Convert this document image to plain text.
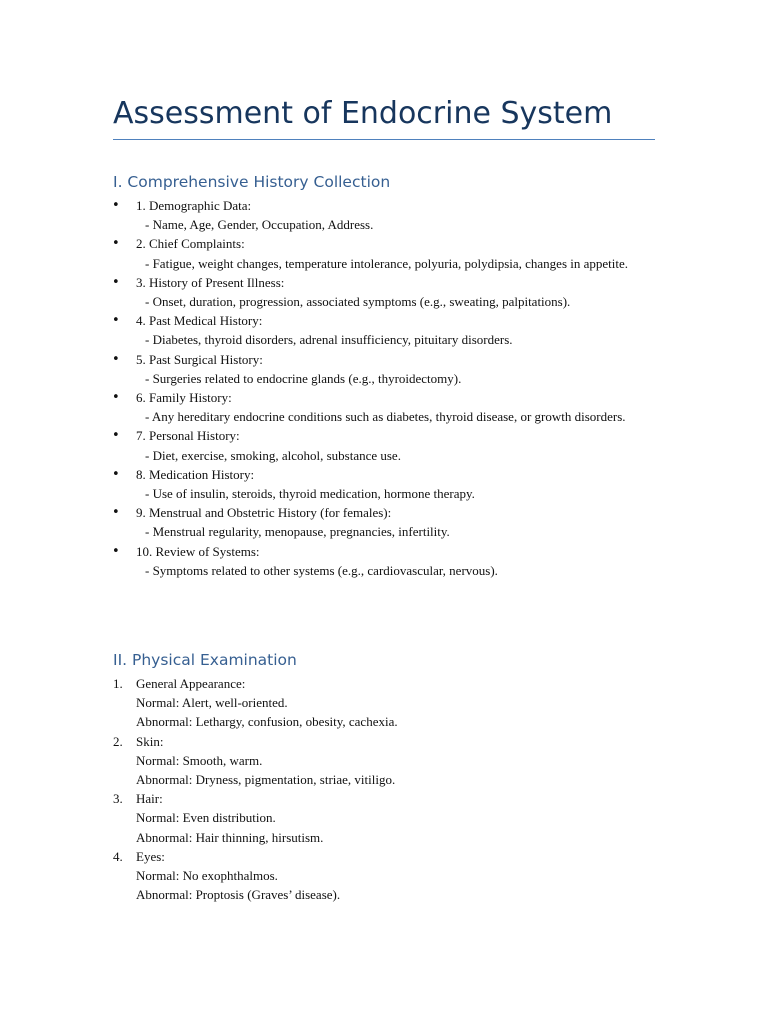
Assessment of Endocrine System
I. Comprehensive History Collection
• 1. Demographic Data:
- Name, Age, Gender, Occupation, Address.
• 2. Chief Complaints:
- Fatigue, weight changes, temperature intolerance, polyuria, polydipsia, changes in appetite.
• 3. History of Present Illness:
- Onset, duration, progression, associated symptoms (e.g., sweating, palpitations).
• 4. Past Medical History:
- Diabetes, thyroid disorders, adrenal insufficiency, pituitary disorders.
• 5. Past Surgical History:
- Surgeries related to endocrine glands (e.g., thyroidectomy).
• 6. Family History:
- Any hereditary endocrine conditions such as diabetes, thyroid disease, or growth disorders.
• 7. Personal History:
- Diet, exercise, smoking, alcohol, substance use.
• 8. Medication History:
- Use of insulin, steroids, thyroid medication, hormone therapy.
• 9. Menstrual and Obstetric History (for females):
- Menstrual regularity, menopause, pregnancies, infertility.
• 10. Review of Systems:
- Symptoms related to other systems (e.g., cardiovascular, nervous).
II. Physical Examination
1. General Appearance:
Normal: Alert, well-oriented.
Abnormal: Lethargy, confusion, obesity, cachexia.
2. Skin:
Normal: Smooth, warm.
Abnormal: Dryness, pigmentation, striae, vitiligo.
3. Hair:
Normal: Even distribution.
Abnormal: Hair thinning, hirsutism.
4. Eyes:
Normal: No exophthalmos.
Abnormal: Proptosis (Graves’ disease).
